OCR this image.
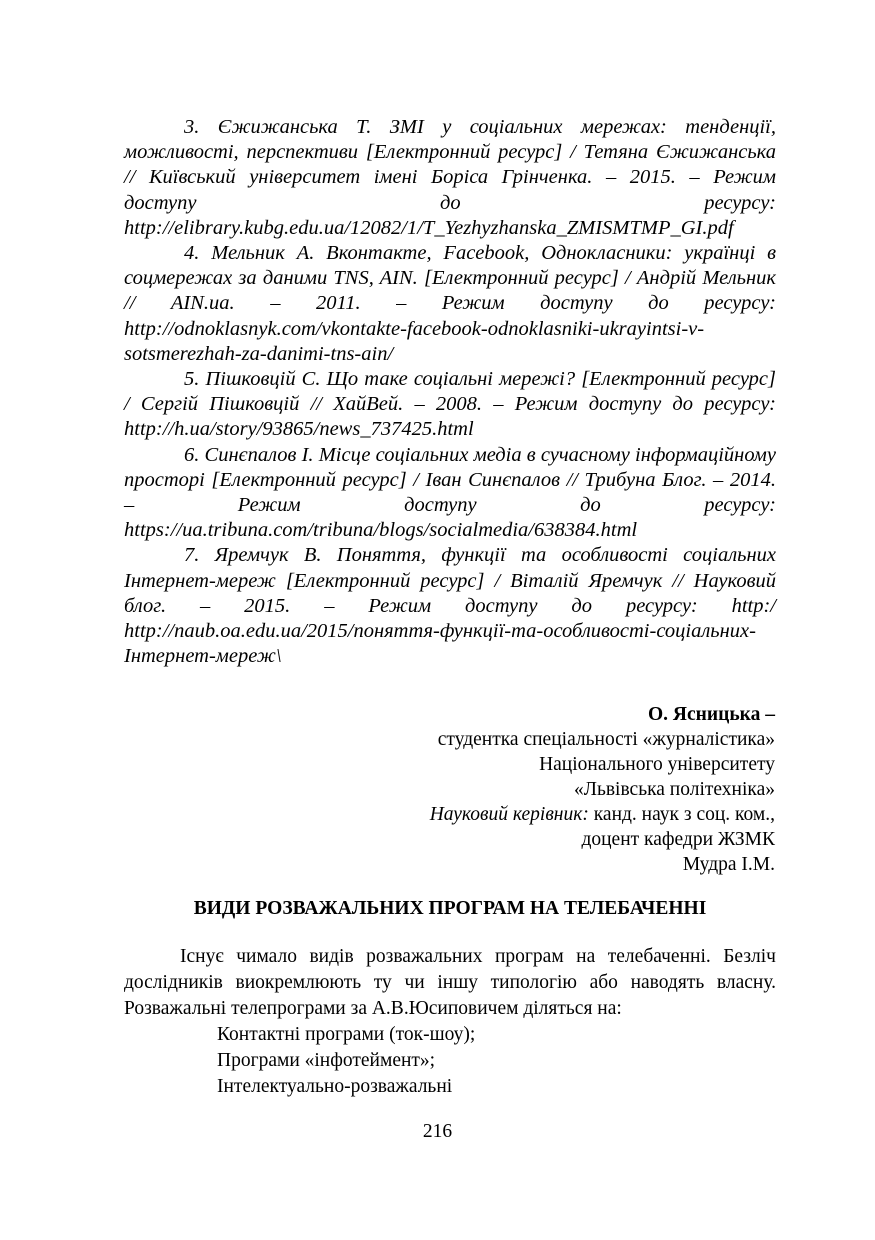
3. Єжижанська Т. ЗМІ у соціальних мережах: тенденції, можливості, перспективи [Електронний ресурс] / Тетяна Єжижанська // Київський університет імені Боріса Грінченка. – 2015. – Режим доступу до ресурсу: http://elibrary.kubg.edu.ua/12082/1/T_Yezhyzhanska_ZMISMTMP_GI.pdf

4. Мельник А. Вконтакте, Facebook, Однокласники: українці в соцмережах за даними TNS, AIN. [Електронний ресурс] / Андрій Мельник // AIN.ua. – 2011. – Режим доступу до ресурсу: http://odnoklasnyk.com/vkontakte-facebook-odnoklasniki-ukrayintsi-v-sotsmerezhah-za-danimi-tns-ain/

5. Пішковцій С. Що таке соціальні мережі? [Електронний ресурс] / Сергій Пішковцій // ХайВей. – 2008. – Режим доступу до ресурсу: http://h.ua/story/93865/news_737425.html

6. Синєпалов І. Місце соціальних медіа в сучасному інформаційному просторі [Електронний ресурс] / Іван Синєпалов // Трибуна Блог. – 2014. – Режим доступу до ресурсу: https://ua.tribuna.com/tribuna/blogs/socialmedia/638384.html

7. Яремчук В. Поняття, функції та особливості соціальних Інтернет-мереж [Електронний ресурс] / Віталій Яремчук // Науковий блог. – 2015. – Режим доступу до ресурсу: http:/ http://naub.oa.edu.ua/2015/поняття-функції-та-особливості-соціальних-Інтернет-мереж\

О. Ясницька –
студентка спеціальності «журналістика»
Національного університету
«Львівська політехніка»
Науковий керівник: канд. наук з соц. ком.,
доцент кафедри ЖЗМК
Мудра І.М.
ВИДИ РОЗВАЖАЛЬНИХ ПРОГРАМ НА ТЕЛЕБАЧЕННІ

Існує чимало видів розважальних програм на телебаченні. Безліч дослідників виокремлюють ту чи іншу типологію або наводять власну. Розважальні телепрограми за А.В.Юсиповичем діляться на:

Контактні програми (ток-шоу);
Програми «інфотеймент»;
Інтелектуально-розважальні
216
